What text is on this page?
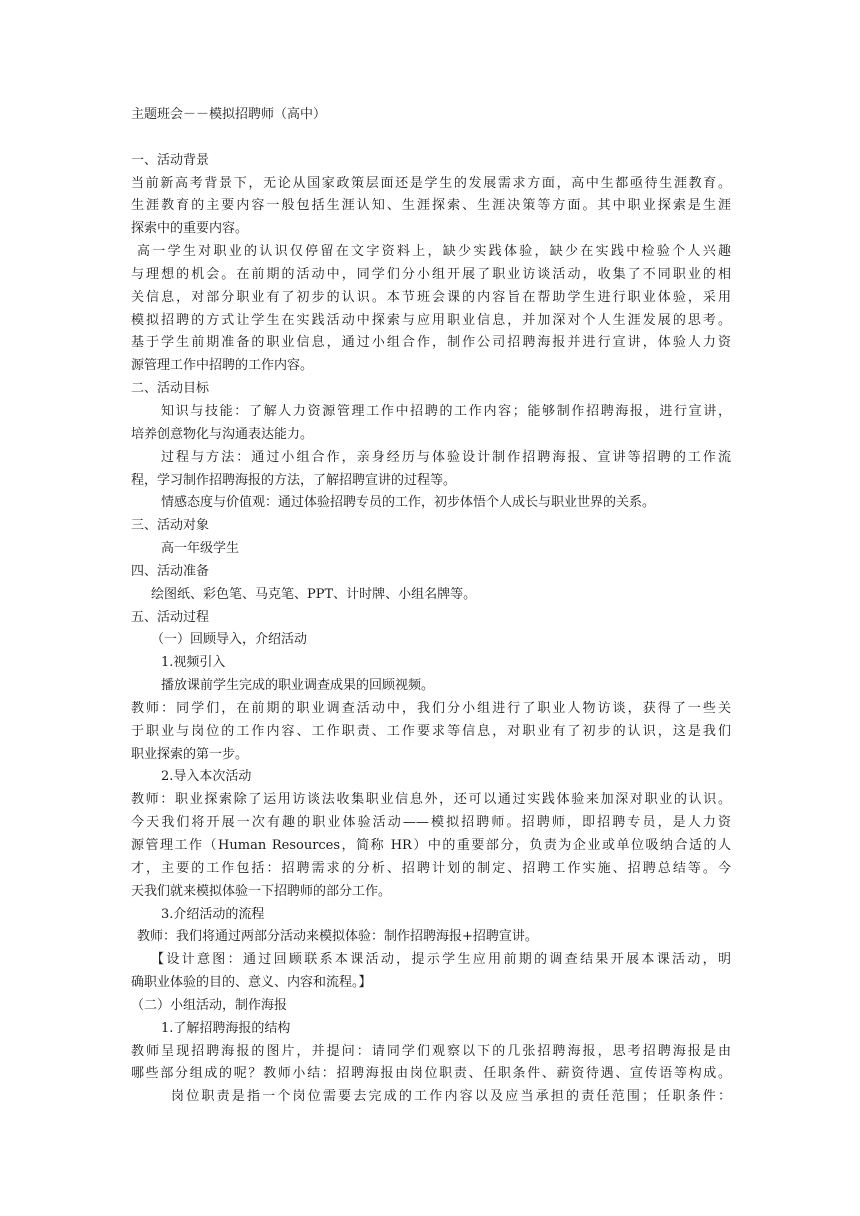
主题班会－－模拟招聘师（高中）
一、活动背景
当前新高考背景下，无论从国家政策层面还是学生的发展需求方面，高中生都亟待生涯教育。
生涯教育的主要内容一般包括生涯认知、生涯探索、生涯决策等方面。其中职业探索是生涯
探索中的重要内容。
高一学生对职业的认识仅停留在文字资料上，缺少实践体验，缺少在实践中检验个人兴趣
与理想的机会。在前期的活动中，同学们分小组开展了职业访谈活动，收集了不同职业的相
关信息，对部分职业有了初步的认识。本节班会课的内容旨在帮助学生进行职业体验，采用
模拟招聘的方式让学生在实践活动中探索与应用职业信息，并加深对个人生涯发展的思考。
基于学生前期准备的职业信息，通过小组合作，制作公司招聘海报并进行宣讲，体验人力资
源管理工作中招聘的工作内容。
二、活动目标
知识与技能：了解人力资源管理工作中招聘的工作内容；能够制作招聘海报，进行宣讲，
培养创意物化与沟通表达能力。
过程与方法：通过小组合作，亲身经历与体验设计制作招聘海报、宣讲等招聘的工作流
程，学习制作招聘海报的方法，了解招聘宣讲的过程等。
情感态度与价值观：通过体验招聘专员的工作，初步体悟个人成长与职业世界的关系。
三、活动对象
高一年级学生
四、活动准备
绘图纸、彩色笔、马克笔、PPT、计时牌、小组名牌等。
五、活动过程
（一）回顾导入，介绍活动
1.视频引入
播放课前学生完成的职业调查成果的回顾视频。
教师：同学们，在前期的职业调查活动中，我们分小组进行了职业人物访谈，获得了一些关
于职业与岗位的工作内容、工作职责、工作要求等信息，对职业有了初步的认识，这是我们
职业探索的第一步。
2.导入本次活动
教师：职业探索除了运用访谈法收集职业信息外，还可以通过实践体验来加深对职业的认识。
今天我们将开展一次有趣的职业体验活动——模拟招聘师。招聘师，即招聘专员，是人力资
源管理工作（Human Resources，简称 HR）中的重要部分，负责为企业或单位吸纳合适的人
才，主要的工作包括：招聘需求的分析、招聘计划的制定、招聘工作实施、招聘总结等。今
天我们就来模拟体验一下招聘师的部分工作。
3.介绍活动的流程
教师：我们将通过两部分活动来模拟体验：制作招聘海报+招聘宣讲。
【设计意图：通过回顾联系本课活动，提示学生应用前期的调查结果开展本课活动，明
确职业体验的目的、意义、内容和流程。】
（二）小组活动，制作海报
1.了解招聘海报的结构
教师呈现招聘海报的图片，并提问：请同学们观察以下的几张招聘海报，思考招聘海报是由
哪些部分组成的呢？教师小结：招聘海报由岗位职责、任职条件、薪资待遇、宣传语等构成。
岗位职责是指一个岗位需要去完成的工作内容以及应当承担的责任范围；任职条件：
